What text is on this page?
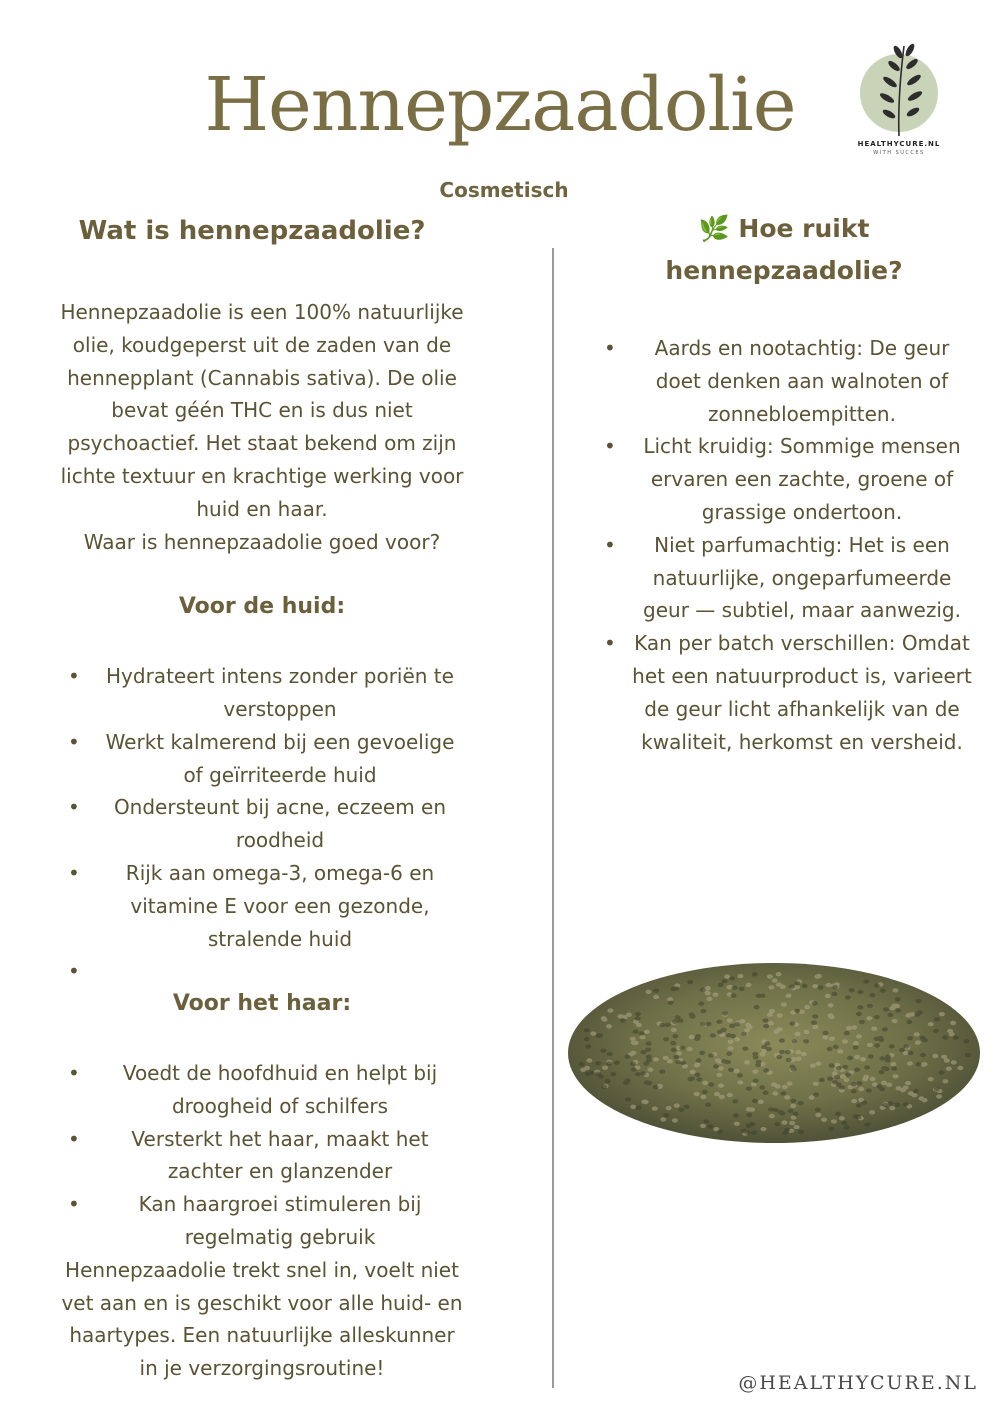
Hennepzaadolie	HEALTHYCURE.NL
WITH SUCCES
Cosmetisch
Wat is hennepzaadolie?
Hennepzaadolie is een 100% natuurlijke olie, koudgeperst uit de zaden van de hennepplant (Cannabis sativa). De olie bevat géén THC en is dus niet psychoactief. Het staat bekend om zijn lichte textuur en krachtige werking voor huid en haar.
Waar is hennepzaadolie goed voor?
Voor de huid:
• Hydrateert intens zonder poriën te verstoppen
• Werkt kalmerend bij een gevoelige of geïrriteerde huid
• Ondersteunt bij acne, eczeem en roodheid
• Rijk aan omega-3, omega-6 en vitamine E voor een gezonde, stralende huid
•
Voor het haar:
• Voedt de hoofdhuid en helpt bij droogheid of schilfers
•	Versterkt het haar, maakt het zachter en glanzender
•	Kan haargroei stimuleren bij regelmatig gebruik
Hennepzaadolie trekt snel in, voelt niet vet aan en is geschikt voor alle huid- en haartypes. Een natuurlijke alleskunner in je verzorgingsroutine!
🌿 Hoe ruikt hennepzaadolie?
• Aards en nootachtig: De geur doet denken aan walnoten of zonnebloempitten.
• Licht kruidig: Sommige mensen ervaren een zachte, groene of grassige ondertoon.
• Niet parfumachtig: Het is een natuurlijke, ongeparfumeerde geur — subtiel, maar aanwezig.
• Kan per batch verschillen: Omdat het een natuurproduct is, varieert de geur licht afhankelijk van de kwaliteit, herkomst en versheid.
@HEALTHYCURE.NL
